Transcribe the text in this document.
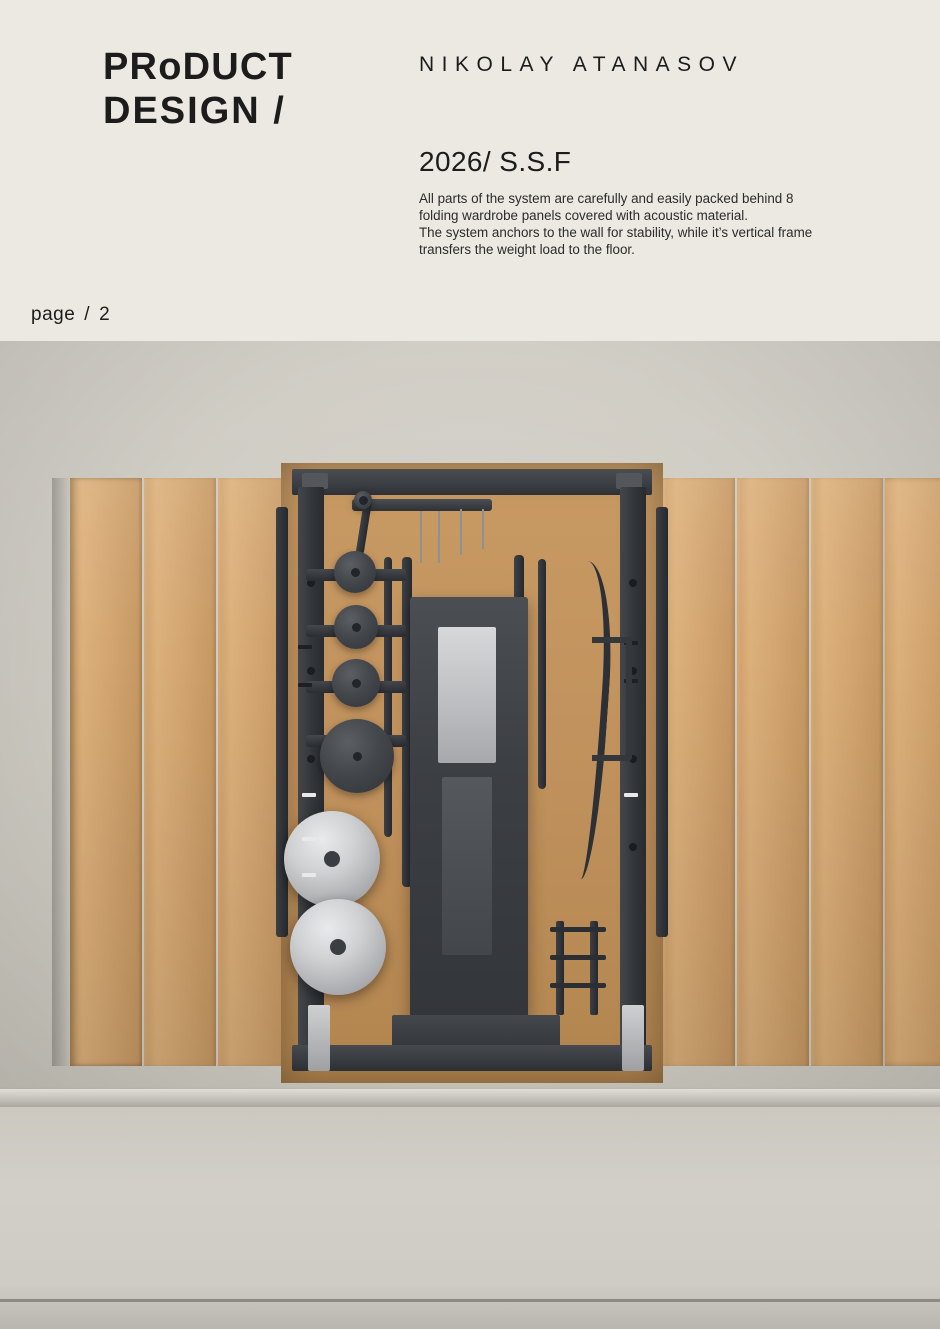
PRoDUCT
DESIGN /
NIKOLAY ATANASOV
2026/ S.S.F

All parts of the system are carefully and easily packed behind 8

folding wardrobe panels covered with acoustic material.

The system anchors to the wall for stability, while it’s vertical frame

transfers the weight load to the floor.

page / 2
